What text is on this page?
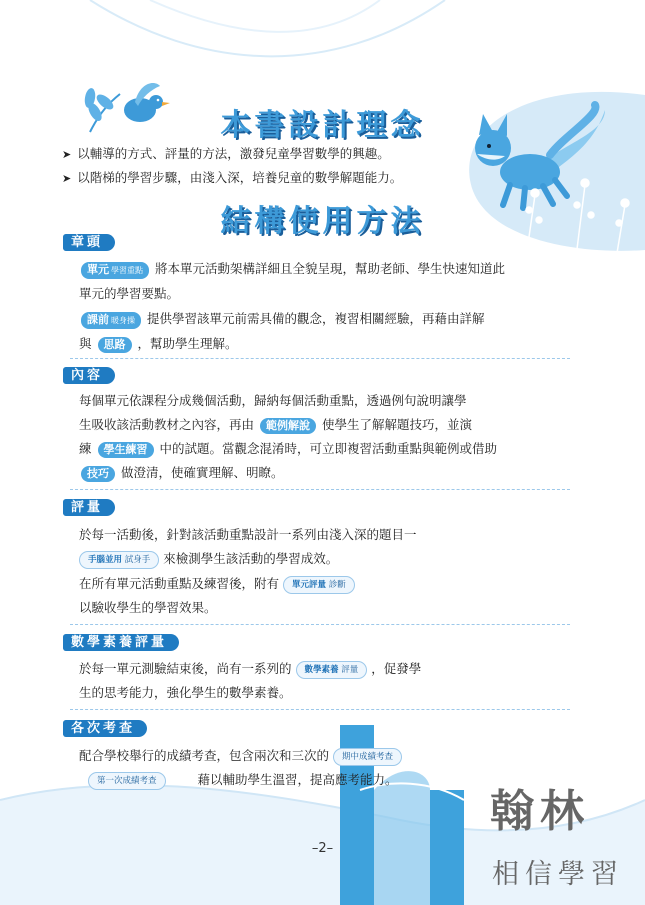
本書設計理念
➤ 以輔導的方式、評量的方法，激發兒童學習數學的興趣。
➤ 以階梯的學習步驟，由淺入深，培養兒童的數學解題能力。
結構使用方法
章頭
單元 學習重點 將本單元活動架構詳細且全貌呈現，幫助老師、學生快速知道此
單元的學習要點。
課前 暖身操 提供學習該單元前需具備的觀念，複習相關經驗，再藉由詳解
與 思路 ，幫助學生理解。
內容
每個單元依課程分成幾個活動，歸納每個活動重點，透過例句說明讓學
生吸收該活動教材之內容，再由 範例解說 使學生了解解題技巧，並演
練 學生練習 中的試題。當觀念混淆時，可立即複習活動重點與範例或借助
技巧 做澄清，使確實理解、明瞭。
評量
於每一活動後，針對該活動重點設計一系列由淺入深的題目一
手腦並用 試身手 來檢測學生該活動的學習成效。
在所有單元活動重點及練習後，附有 單元評量 診斷
以驗收學生的學習效果。
數學素養評量
於每一單元測驗結束後，尚有一系列的 數學素養 評量 ，促發學
生的思考能力，強化學生的數學素養。
各次考查
配合學校舉行的成績考查，包含兩次和三次的 期中成績考查
第一次成績考查	藉以輔助學生溫習，提高應考能力。
–2–
翰林
相信學習
